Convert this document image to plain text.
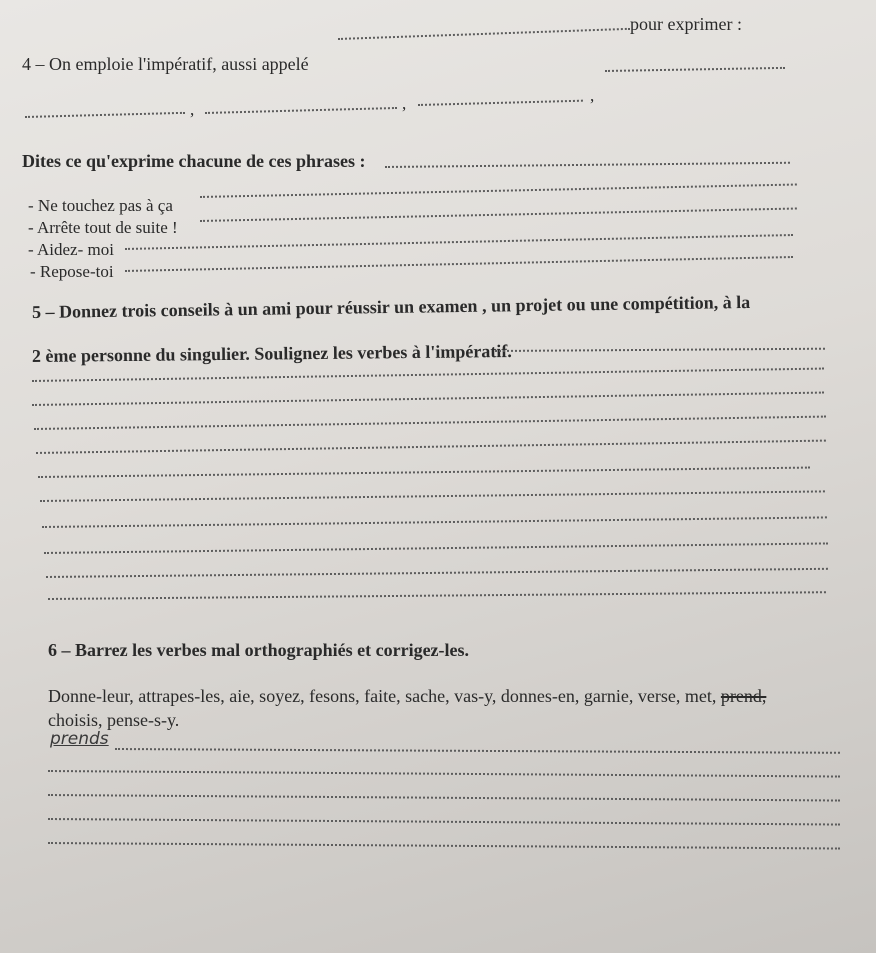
pour exprimer :
4 – On emploie l'impératif, aussi appelé
,	,	,
Dites ce qu'exprime chacune de ces phrases :
- Ne touchez pas à ça
- Arrête tout de suite !
- Aidez- moi
- Repose-toi
5 – Donnez trois conseils à un ami pour réussir un examen , un projet ou une compétition, à la
2 ème personne du singulier. Soulignez les verbes à l'impératif.
6 – Barrez les verbes mal orthographiés et corrigez-les.
Donne-leur, attrapes-les, aie, soyez, fesons, faite, sache, vas-y, donnes-en, garnie, verse, met, prend,
choisis, pense-s-y.
prends
